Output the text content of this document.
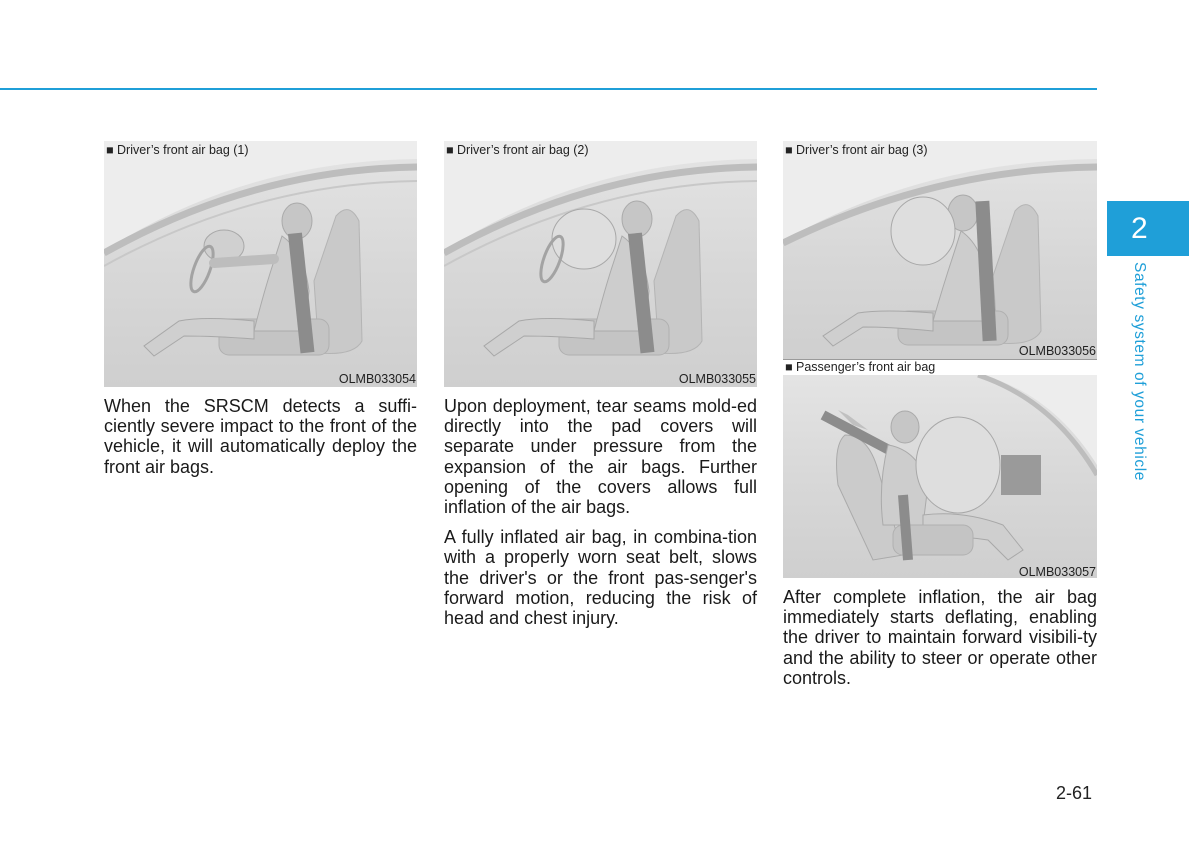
■ Driver’s front air bag (1)
OLMB033054
■ Driver’s front air bag (2)
OLMB033055
■ Driver’s front air bag (3)
OLMB033056
■ Passenger’s front air bag
OLMB033057

When the SRSCM detects a suffi-ciently severe impact to the front of the vehicle, it will automatically deploy the front air bags.

Upon deployment, tear seams mold-ed directly into the pad covers will separate under pressure from the expansion of the air bags. Further opening of the covers allows full inflation of the air bags.

A fully inflated air bag, in combina-tion with a properly worn seat belt, slows the driver's or the front pas-senger's forward motion, reducing the risk of head and chest injury.

After complete inflation, the air bag immediately starts deflating, enabling the driver to maintain forward visibili-ty and the ability to steer or operate other controls.

2
Safety system of your vehicle
2-61
